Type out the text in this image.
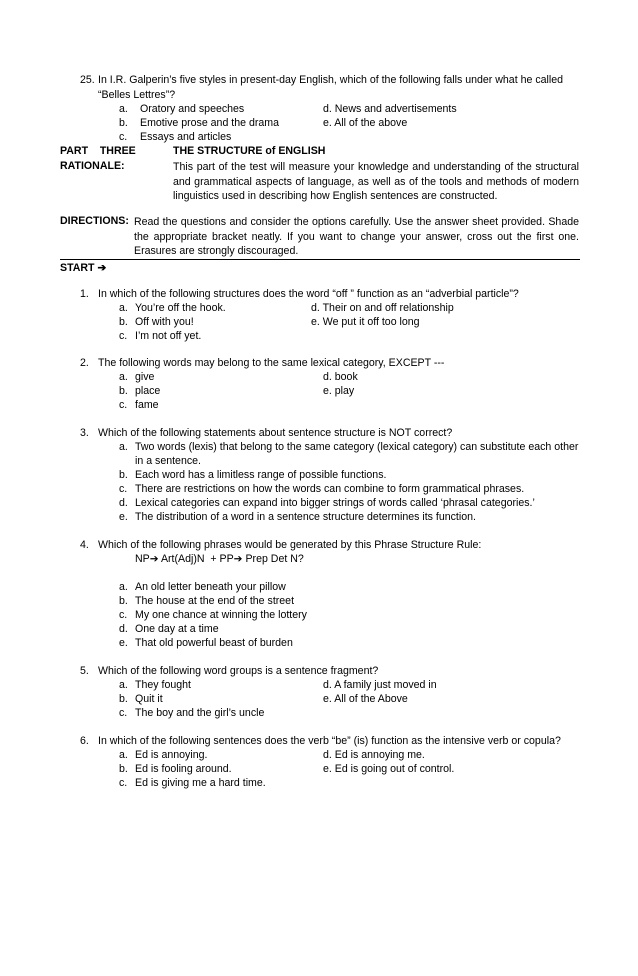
25. In I.R. Galperin’s five styles in present-day English, which of the following falls under what he called
“Belles Lettres”?
a. Oratory and speeches
b. Emotive prose and the drama
c. Essays and articles
d. News and advertisements
e. All of the above
PART    THREE	THE STRUCTURE of ENGLISH
RATIONALE:	This part of the test will measure your knowledge and understanding of the structural and grammatical aspects of language, as well as of the tools and methods of modern linguistics used in describing how English sentences are constructed.
DIRECTIONS: Read the questions and consider the options carefully. Use the answer sheet provided. Shade the appropriate bracket neatly. If you want to change your answer, cross out the first one. Erasures are strongly discouraged.
START ➔
1. In which of the following structures does the word “off ” function as an “adverbial particle”?
a. You’re off the hook.
b. Off with you!
c. I’m not off yet.
d. Their on and off relationship
e. We put it off too long
2. The following words may belong to the same lexical category, EXCEPT ---
a. give
b. place
c. fame
d. book
e. play
3. Which of the following statements about sentence structure is NOT correct?
a. Two words (lexis) that belong to the same category (lexical category) can substitute each other
in a sentence.
b. Each word has a limitless range of possible functions.
c. There are restrictions on how the words can combine to form grammatical phrases.
d. Lexical categories can expand into bigger strings of words called ‘phrasal categories.’
e. The distribution of a word in a sentence structure determines its function.
4. Which of the following phrases would be generated by this Phrase Structure Rule:
NP➔ Art(Adj)N  + PP➔ Prep Det N?
a. An old letter beneath your pillow
b. The house at the end of the street
c. My one chance at winning the lottery
d. One day at a time
e. That old powerful beast of burden
5. Which of the following word groups is a sentence fragment?
a. They fought
b. Quit it
c. The boy and the girl’s uncle
d. A family just moved in
e. All of the Above
6. In which of the following sentences does the verb “be” (is) function as the intensive verb or copula?
a. Ed is annoying.
b. Ed is fooling around.
c. Ed is giving me a hard time.
d. Ed is annoying me.
e. Ed is going out of control.
